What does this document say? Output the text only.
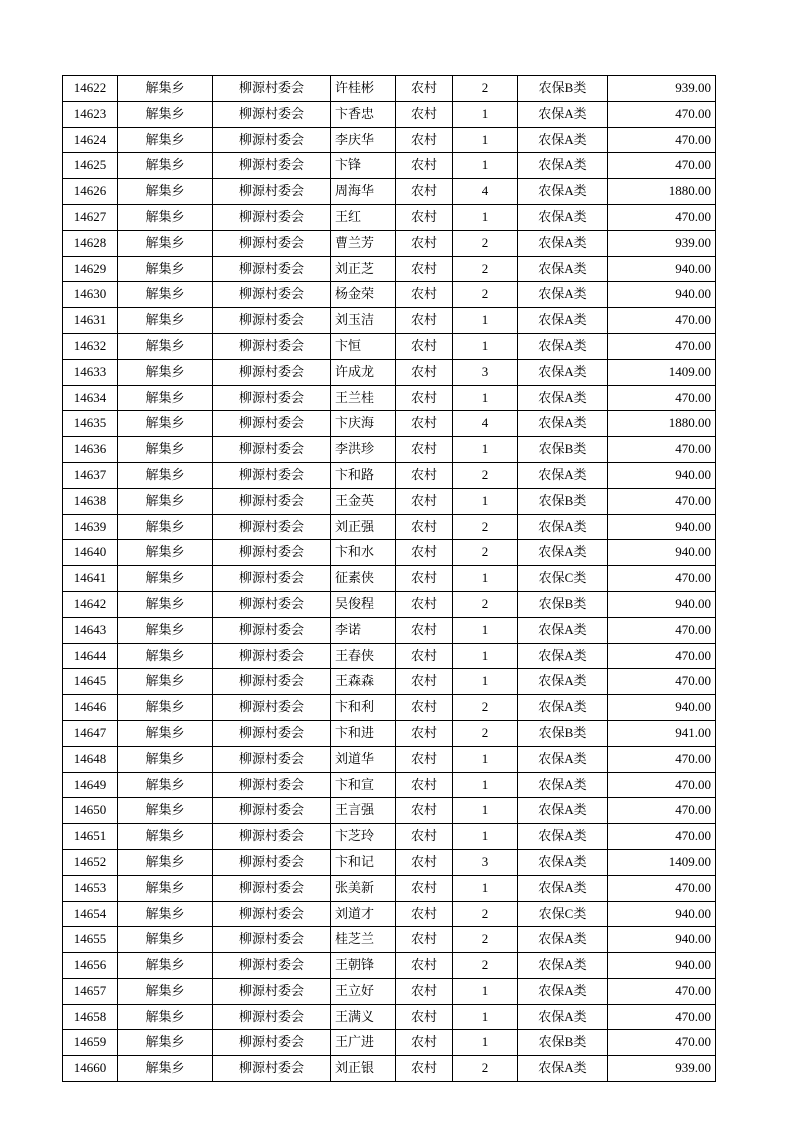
14622	解集乡	柳源村委会	许桂彬	农村	2	农保B类	939.00
14623	解集乡	柳源村委会	卞香忠	农村	1	农保A类	470.00
14624	解集乡	柳源村委会	李庆华	农村	1	农保A类	470.00
14625	解集乡	柳源村委会	卞锋	农村	1	农保A类	470.00
14626	解集乡	柳源村委会	周海华	农村	4	农保A类	1880.00
14627	解集乡	柳源村委会	王红	农村	1	农保A类	470.00
14628	解集乡	柳源村委会	曹兰芳	农村	2	农保A类	939.00
14629	解集乡	柳源村委会	刘正芝	农村	2	农保A类	940.00
14630	解集乡	柳源村委会	杨金荣	农村	2	农保A类	940.00
14631	解集乡	柳源村委会	刘玉洁	农村	1	农保A类	470.00
14632	解集乡	柳源村委会	卞恒	农村	1	农保A类	470.00
14633	解集乡	柳源村委会	许成龙	农村	3	农保A类	1409.00
14634	解集乡	柳源村委会	王兰桂	农村	1	农保A类	470.00
14635	解集乡	柳源村委会	卞庆海	农村	4	农保A类	1880.00
14636	解集乡	柳源村委会	李洪珍	农村	1	农保B类	470.00
14637	解集乡	柳源村委会	卞和路	农村	2	农保A类	940.00
14638	解集乡	柳源村委会	王金英	农村	1	农保B类	470.00
14639	解集乡	柳源村委会	刘正强	农村	2	农保A类	940.00
14640	解集乡	柳源村委会	卞和水	农村	2	农保A类	940.00
14641	解集乡	柳源村委会	征素侠	农村	1	农保C类	470.00
14642	解集乡	柳源村委会	吴俊程	农村	2	农保B类	940.00
14643	解集乡	柳源村委会	李诺	农村	1	农保A类	470.00
14644	解集乡	柳源村委会	王春侠	农村	1	农保A类	470.00
14645	解集乡	柳源村委会	王森森	农村	1	农保A类	470.00
14646	解集乡	柳源村委会	卞和利	农村	2	农保A类	940.00
14647	解集乡	柳源村委会	卞和进	农村	2	农保B类	941.00
14648	解集乡	柳源村委会	刘道华	农村	1	农保A类	470.00
14649	解集乡	柳源村委会	卞和宣	农村	1	农保A类	470.00
14650	解集乡	柳源村委会	王言强	农村	1	农保A类	470.00
14651	解集乡	柳源村委会	卞芝玲	农村	1	农保A类	470.00
14652	解集乡	柳源村委会	卞和记	农村	3	农保A类	1409.00
14653	解集乡	柳源村委会	张美新	农村	1	农保A类	470.00
14654	解集乡	柳源村委会	刘道才	农村	2	农保C类	940.00
14655	解集乡	柳源村委会	桂芝兰	农村	2	农保A类	940.00
14656	解集乡	柳源村委会	王朝锋	农村	2	农保A类	940.00
14657	解集乡	柳源村委会	王立好	农村	1	农保A类	470.00
14658	解集乡	柳源村委会	王满义	农村	1	农保A类	470.00
14659	解集乡	柳源村委会	王广进	农村	1	农保B类	470.00
14660	解集乡	柳源村委会	刘正银	农村	2	农保A类	939.00
